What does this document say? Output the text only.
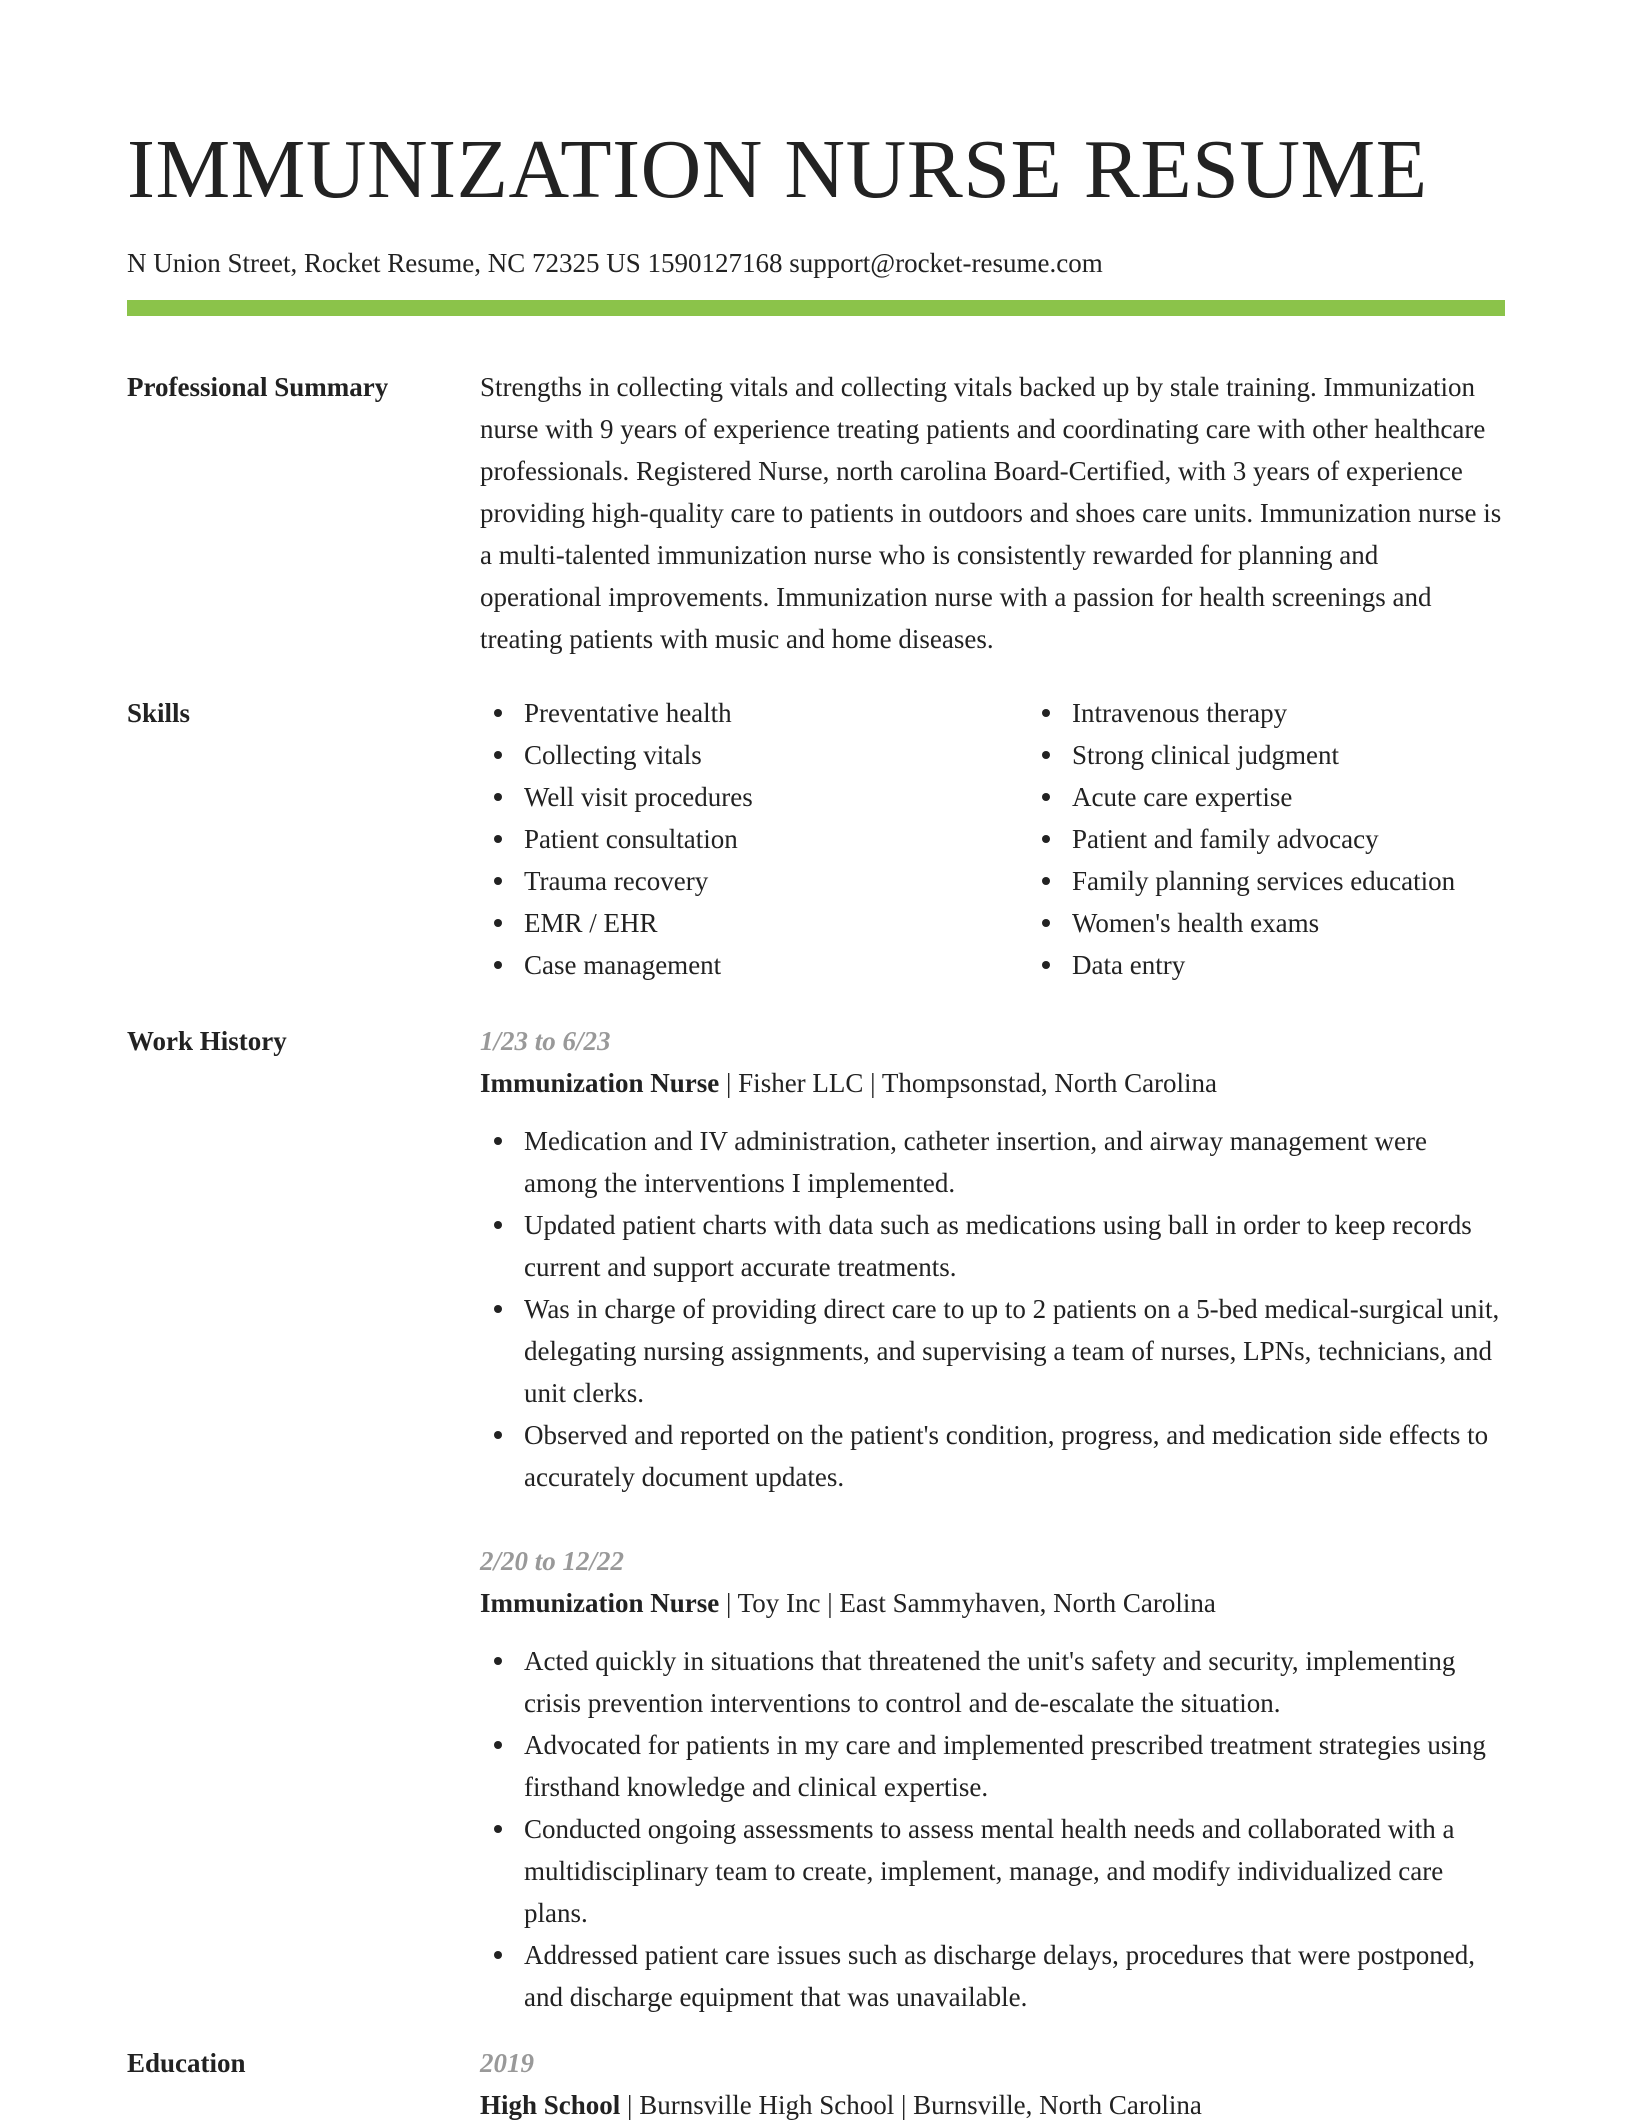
IMMUNIZATION NURSE RESUME
N Union Street, Rocket Resume, NC 72325 US 1590127168 support@rocket-resume.com
Professional Summary	Strengths in collecting vitals and collecting vitals backed up by stale training. Immunization nurse with 9 years of experience treating patients and coordinating care with other healthcare professionals. Registered Nurse, north carolina Board-Certified, with 3 years of experience providing high-quality care to patients in outdoors and shoes care units. Immunization nurse is a multi-talented immunization nurse who is consistently rewarded for planning and operational improvements. Immunization nurse with a passion for health screenings and treating patients with music and home diseases.

Skills	Preventative health
Collecting vitals
Well visit procedures
Patient consultation
Trauma recovery
EMR / EHR
Case management
Intravenous therapy
Strong clinical judgment
Acute care expertise
Patient and family advocacy
Family planning services education
Women's health exams
Data entry
Work History	1/23 to 6/23
Immunization Nurse | Fisher LLC | Thompsonstad, North Carolina
Medication and IV administration, catheter insertion, and airway management were among the interventions I implemented.
Updated patient charts with data such as medications using ball in order to keep records current and support accurate treatments.
Was in charge of providing direct care to up to 2 patients on a 5-bed medical-surgical unit, delegating nursing assignments, and supervising a team of nurses, LPNs, technicians, and unit clerks.
Observed and reported on the patient's condition, progress, and medication side effects to accurately document updates.
2/20 to 12/22
Immunization Nurse | Toy Inc | East Sammyhaven, North Carolina
Acted quickly in situations that threatened the unit's safety and security, implementing crisis prevention interventions to control and de-escalate the situation.
Advocated for patients in my care and implemented prescribed treatment strategies using firsthand knowledge and clinical expertise.
Conducted ongoing assessments to assess mental health needs and collaborated with a multidisciplinary team to create, implement, manage, and modify individualized care plans.
Addressed patient care issues such as discharge delays, procedures that were postponed, and discharge equipment that was unavailable.
Education	2019
High School | Burnsville High School | Burnsville, North Carolina
